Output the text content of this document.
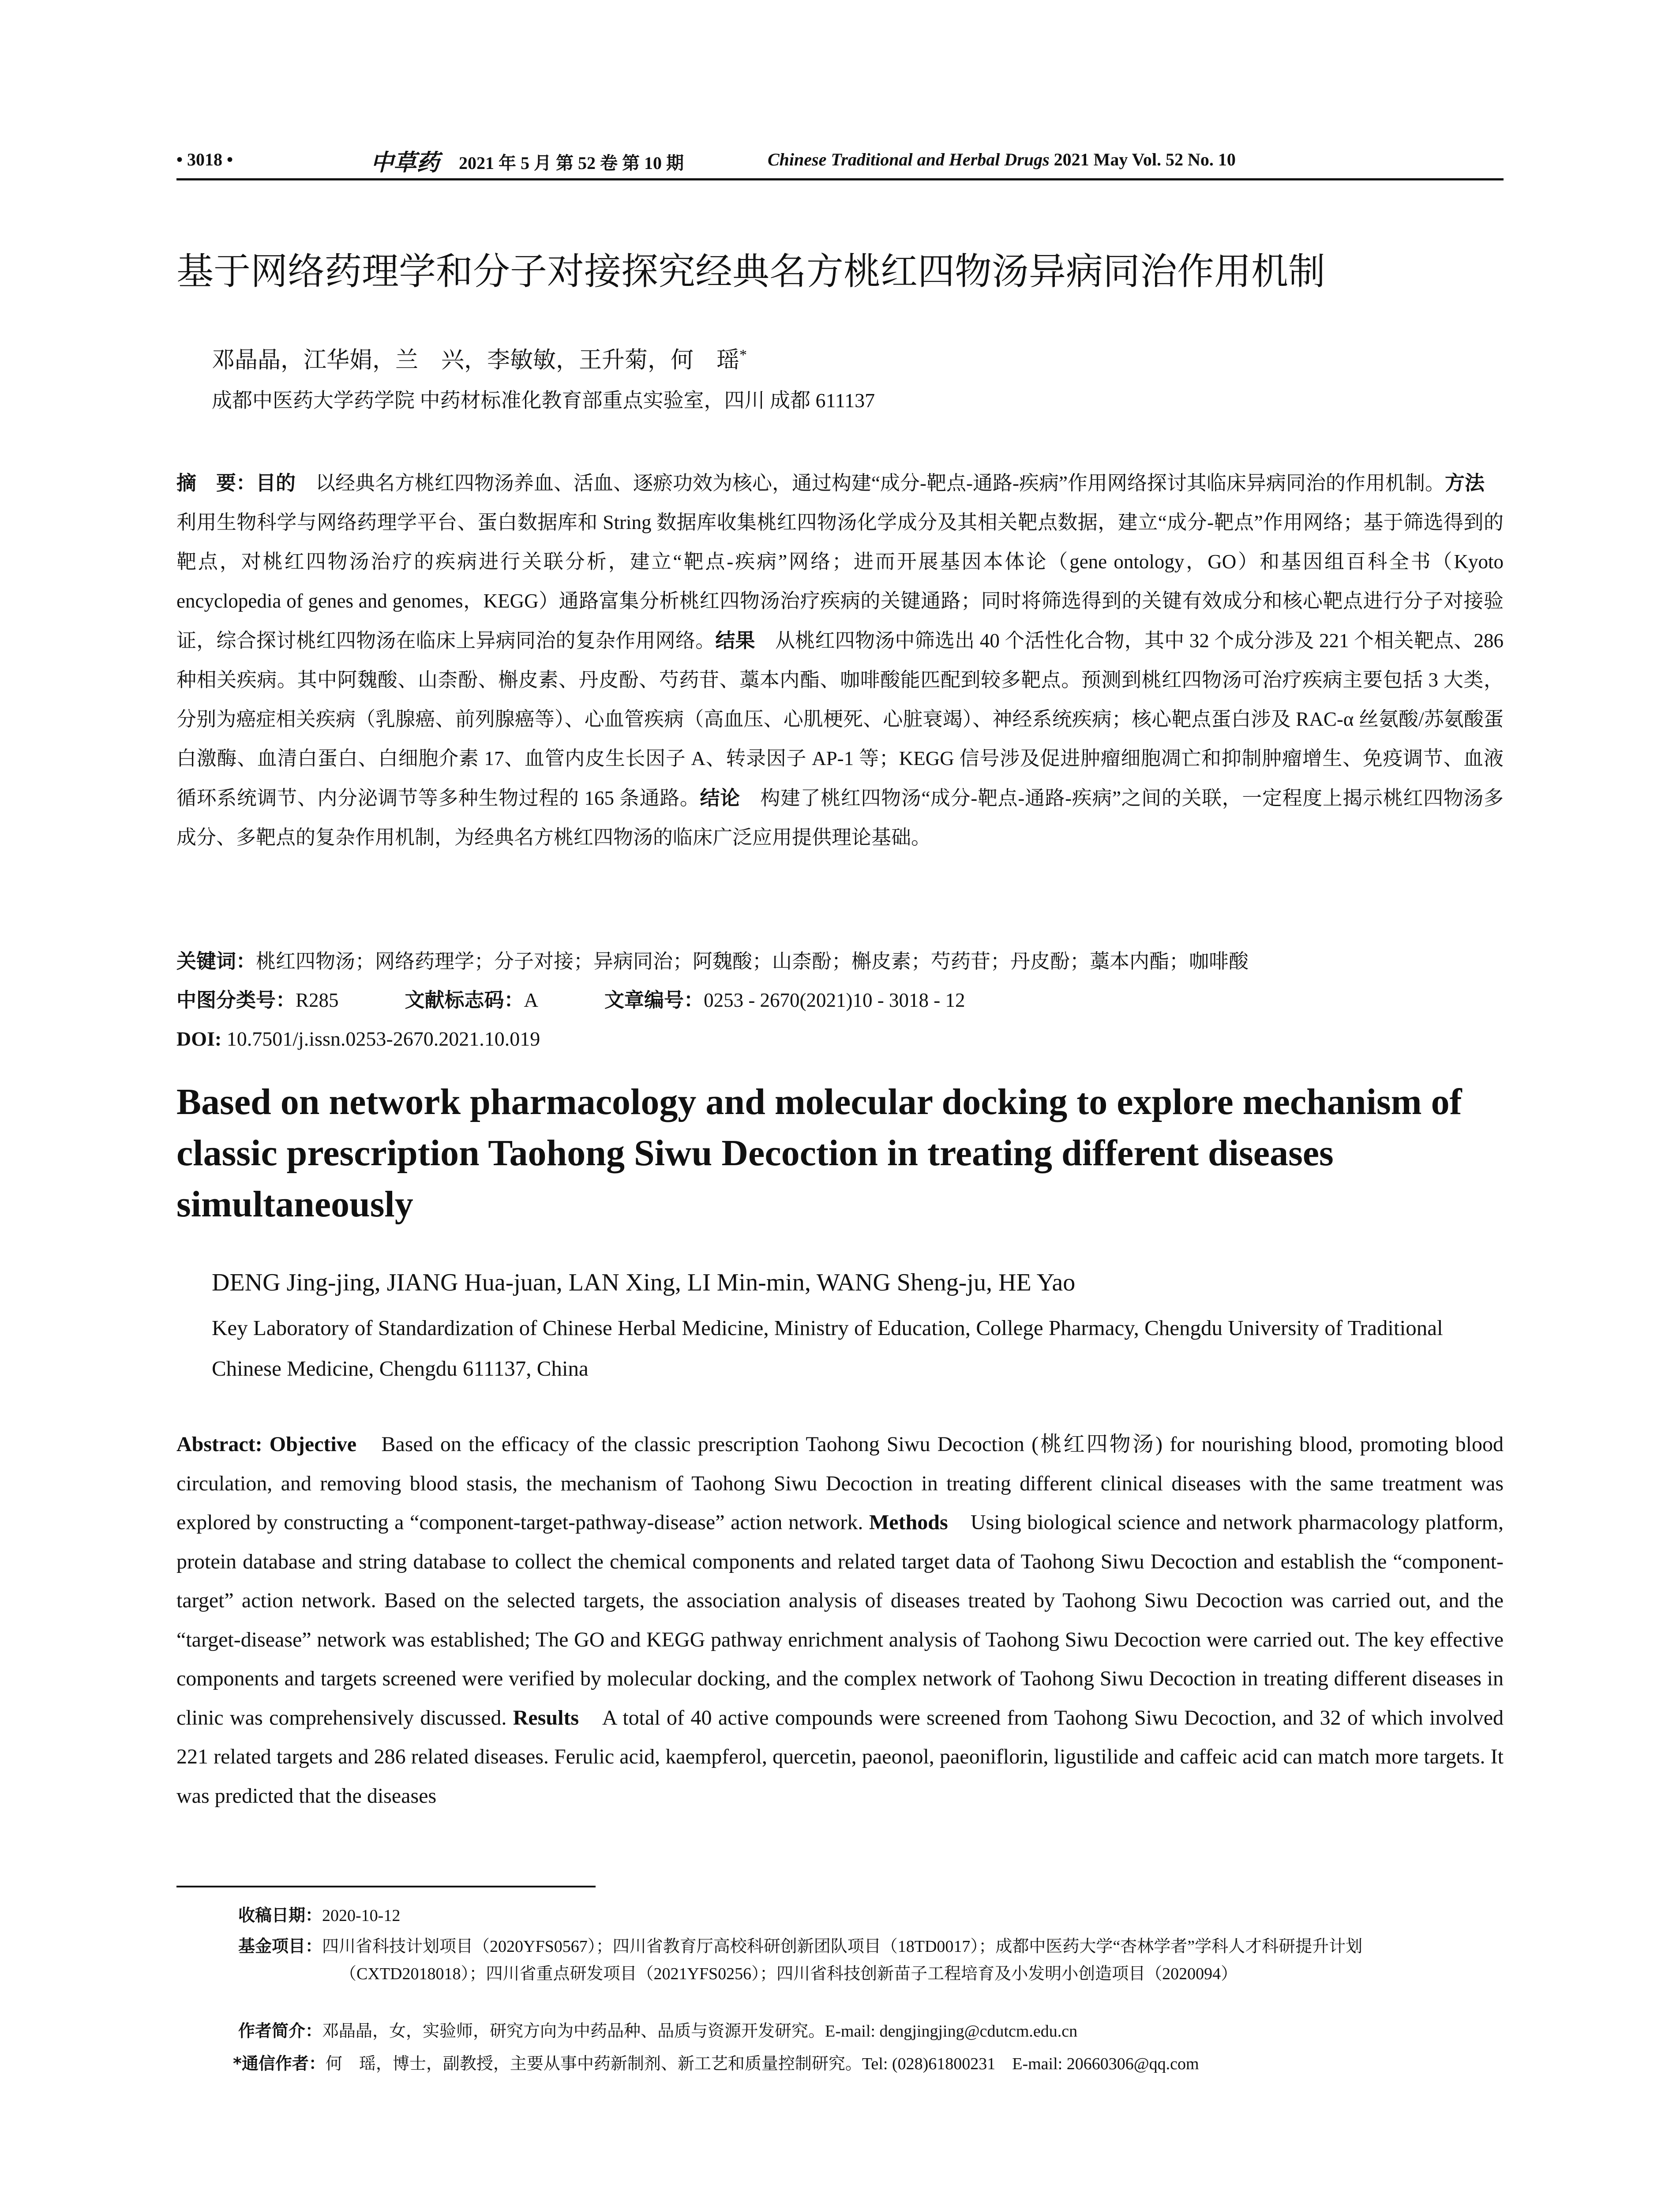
• 3018 •	中草药 2021 年 5 月 第 52 卷 第 10 期	Chinese Traditional and Herbal Drugs 2021 May Vol. 52 No. 10
基于网络药理学和分子对接探究经典名方桃红四物汤异病同治作用机制
邓晶晶，江华娟，兰　兴，李敏敏，王升菊，何　瑶*
成都中医药大学药学院 中药材标准化教育部重点实验室，四川 成都 611137
摘　要：目的　以经典名方桃红四物汤养血、活血、逐瘀功效为核心，通过构建“成分-靶点-通路-疾病”作用网络探讨其临床异病同治的作用机制。方法　利用生物科学与网络药理学平台、蛋白数据库和 String 数据库收集桃红四物汤化学成分及其相关靶点数据，建立“成分-靶点”作用网络；基于筛选得到的靶点，对桃红四物汤治疗的疾病进行关联分析，建立“靶点-疾病”网络；进而开展基因本体论（gene ontology，GO）和基因组百科全书（Kyoto encyclopedia of genes and genomes，KEGG）通路富集分析桃红四物汤治疗疾病的关键通路；同时将筛选得到的关键有效成分和核心靶点进行分子对接验证，综合探讨桃红四物汤在临床上异病同治的复杂作用网络。结果　从桃红四物汤中筛选出 40 个活性化合物，其中 32 个成分涉及 221 个相关靶点、286 种相关疾病。其中阿魏酸、山柰酚、槲皮素、丹皮酚、芍药苷、藁本内酯、咖啡酸能匹配到较多靶点。预测到桃红四物汤可治疗疾病主要包括 3 大类，分别为癌症相关疾病（乳腺癌、前列腺癌等）、心血管疾病（高血压、心肌梗死、心脏衰竭）、神经系统疾病；核心靶点蛋白涉及 RAC-α 丝氨酸/苏氨酸蛋白激酶、血清白蛋白、白细胞介素 17、血管内皮生长因子 A、转录因子 AP-1 等；KEGG 信号涉及促进肿瘤细胞凋亡和抑制肿瘤增生、免疫调节、血液循环系统调节、内分泌调节等多种生物过程的 165 条通路。结论　构建了桃红四物汤“成分-靶点-通路-疾病”之间的关联，一定程度上揭示桃红四物汤多成分、多靶点的复杂作用机制，为经典名方桃红四物汤的临床广泛应用提供理论基础。
关键词：桃红四物汤；网络药理学；分子对接；异病同治；阿魏酸；山柰酚；槲皮素；芍药苷；丹皮酚；藁本内酯；咖啡酸
中图分类号：R285	文献标志码：A	文章编号：0253 - 2670(2021)10 - 3018 - 12
DOI: 10.7501/j.issn.0253-2670.2021.10.019
Based on network pharmacology and molecular docking to explore mechanism of classic prescription Taohong Siwu Decoction in treating different diseases simultaneously
DENG Jing-jing, JIANG Hua-juan, LAN Xing, LI Min-min, WANG Sheng-ju, HE Yao
Key Laboratory of Standardization of Chinese Herbal Medicine, Ministry of Education, College Pharmacy, Chengdu University of Traditional Chinese Medicine, Chengdu 611137, China
Abstract: Objective　Based on the efficacy of the classic prescription Taohong Siwu Decoction (桃红四物汤) for nourishing blood, promoting blood circulation, and removing blood stasis, the mechanism of Taohong Siwu Decoction in treating different clinical diseases with the same treatment was explored by constructing a “component-target-pathway-disease” action network. Methods　Using biological science and network pharmacology platform, protein database and string database to collect the chemical components and related target data of Taohong Siwu Decoction and establish the “component-target” action network. Based on the selected targets, the association analysis of diseases treated by Taohong Siwu Decoction was carried out, and the “target-disease” network was established; The GO and KEGG pathway enrichment analysis of Taohong Siwu Decoction were carried out. The key effective components and targets screened were verified by molecular docking, and the complex network of Taohong Siwu Decoction in treating different diseases in clinic was comprehensively discussed. Results　A total of 40 active compounds were screened from Taohong Siwu Decoction, and 32 of which involved 221 related targets and 286 related diseases. Ferulic acid, kaempferol, quercetin, paeonol, paeoniflorin, ligustilide and caffeic acid can match more targets. It was predicted that the diseases
收稿日期：2020-10-12
基金项目：四川省科技计划项目（2020YFS0567）；四川省教育厅高校科研创新团队项目（18TD0017）；成都中医药大学“杏林学者”学科人才科研提升计划（CXTD2018018）；四川省重点研发项目（2021YFS0256）；四川省科技创新苗子工程培育及小发明小创造项目（2020094）
作者简介：邓晶晶，女，实验师，研究方向为中药品种、品质与资源开发研究。E-mail: dengjingjing@cdutcm.edu.cn
*通信作者：何　瑶，博士，副教授，主要从事中药新制剂、新工艺和质量控制研究。Tel: (028)61800231　E-mail: 20660306@qq.com
